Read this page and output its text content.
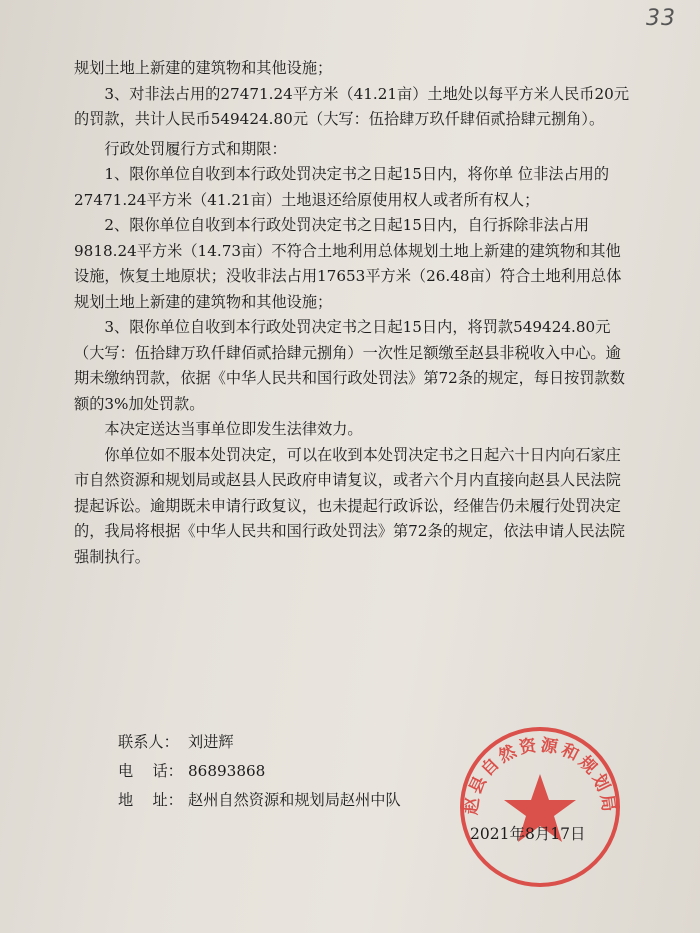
33

规划土地上新建的建筑物和其他设施；

3、对非法占用的27471.24平方米（41.21亩）土地处以每平方米人民币20元的罚款，共计人民币549424.80元（大写：伍拾肆万玖仟肆佰贰拾肆元捌角）。

行政处罚履行方式和期限：

1、限你单位自收到本行政处罚决定书之日起15日内，将你单 位非法占用的27471.24平方米（41.21亩）土地退还给原使用权人或者所有权人；

2、限你单位自收到本行政处罚决定书之日起15日内，自行拆除非法占用9818.24平方米（14.73亩）不符合土地利用总体规划土地上新建的建筑物和其他设施，恢复土地原状；没收非法占用17653平方米（26.48亩）符合土地利用总体规划土地上新建的建筑物和其他设施；

3、限你单位自收到本行政处罚决定书之日起15日内，将罚款549424.80元（大写：伍拾肆万玖仟肆佰贰拾肆元捌角）一次性足额缴至赵县非税收入中心。逾期未缴纳罚款，依据《中华人民共和国行政处罚法》第72条的规定，每日按罚款数额的3%加处罚款。

本决定送达当事单位即发生法律效力。

你单位如不服本处罚决定，可以在收到本处罚决定书之日起六十日内向石家庄市自然资源和规划局或赵县人民政府申请复议，或者六个月内直接向赵县人民法院提起诉讼。逾期既未申请行政复议，也未提起行政诉讼，经催告仍未履行处罚决定的，我局将根据《中华人民共和国行政处罚法》第72条的规定，依法申请人民法院强制执行。

联系人： 刘进辉
电    话： 86893868
地    址： 赵州自然资源和规划局赵州中队	赵县自然资源和规划局
2021年8月17日
